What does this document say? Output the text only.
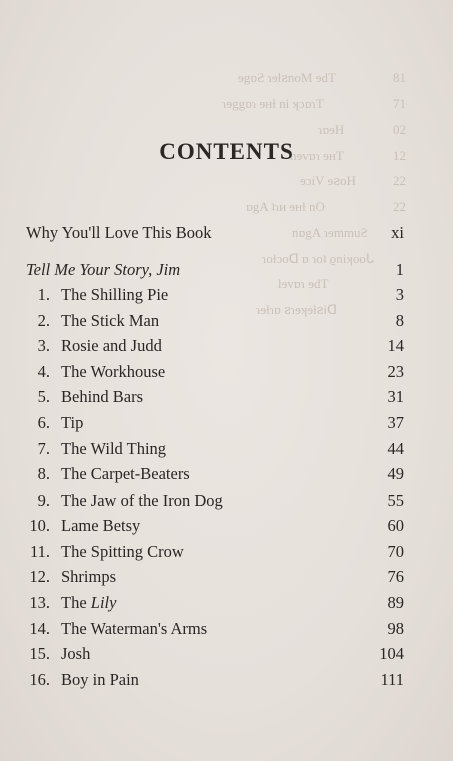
ɘgɒƧ ɿɘƚꙅnoM ɘdT	81
ɿɘggɒɿ ɘʜƚ ni ʞɔɒɿT	71
ɿɒɘH	02
nɘvɒɿ ɘʜT	12
ɘɔiV ɘꙅoH	22
ɒgA ʇɿᴎ ɘʜƚ nO	22
nɒgA ɿɘmmuƧ
ɿoƚɔoᗡ ɒ ɿoʇ ϱniʞooᒐ
lɘvɒɿ ɘdT
ɿɘƚɿɒ ꙅɿɘʞɘƚꙅiᗡ
CONTENTS
Why You'll Love This Book	xi
Tell Me Your Story, Jim	1
1. The Shilling Pie	3
2. The Stick Man	8
3. Rosie and Judd	14
4. The Workhouse	23
5. Behind Bars	31
6. Tip	37
7. The Wild Thing	44
8. The Carpet-Beaters	49
9. The Jaw of the Iron Dog	55
10. Lame Betsy	60
11. The Spitting Crow	70
12. Shrimps	76
13. The Lily	89
14. The Waterman's Arms	98
15. Josh	104
16. Boy in Pain	111
